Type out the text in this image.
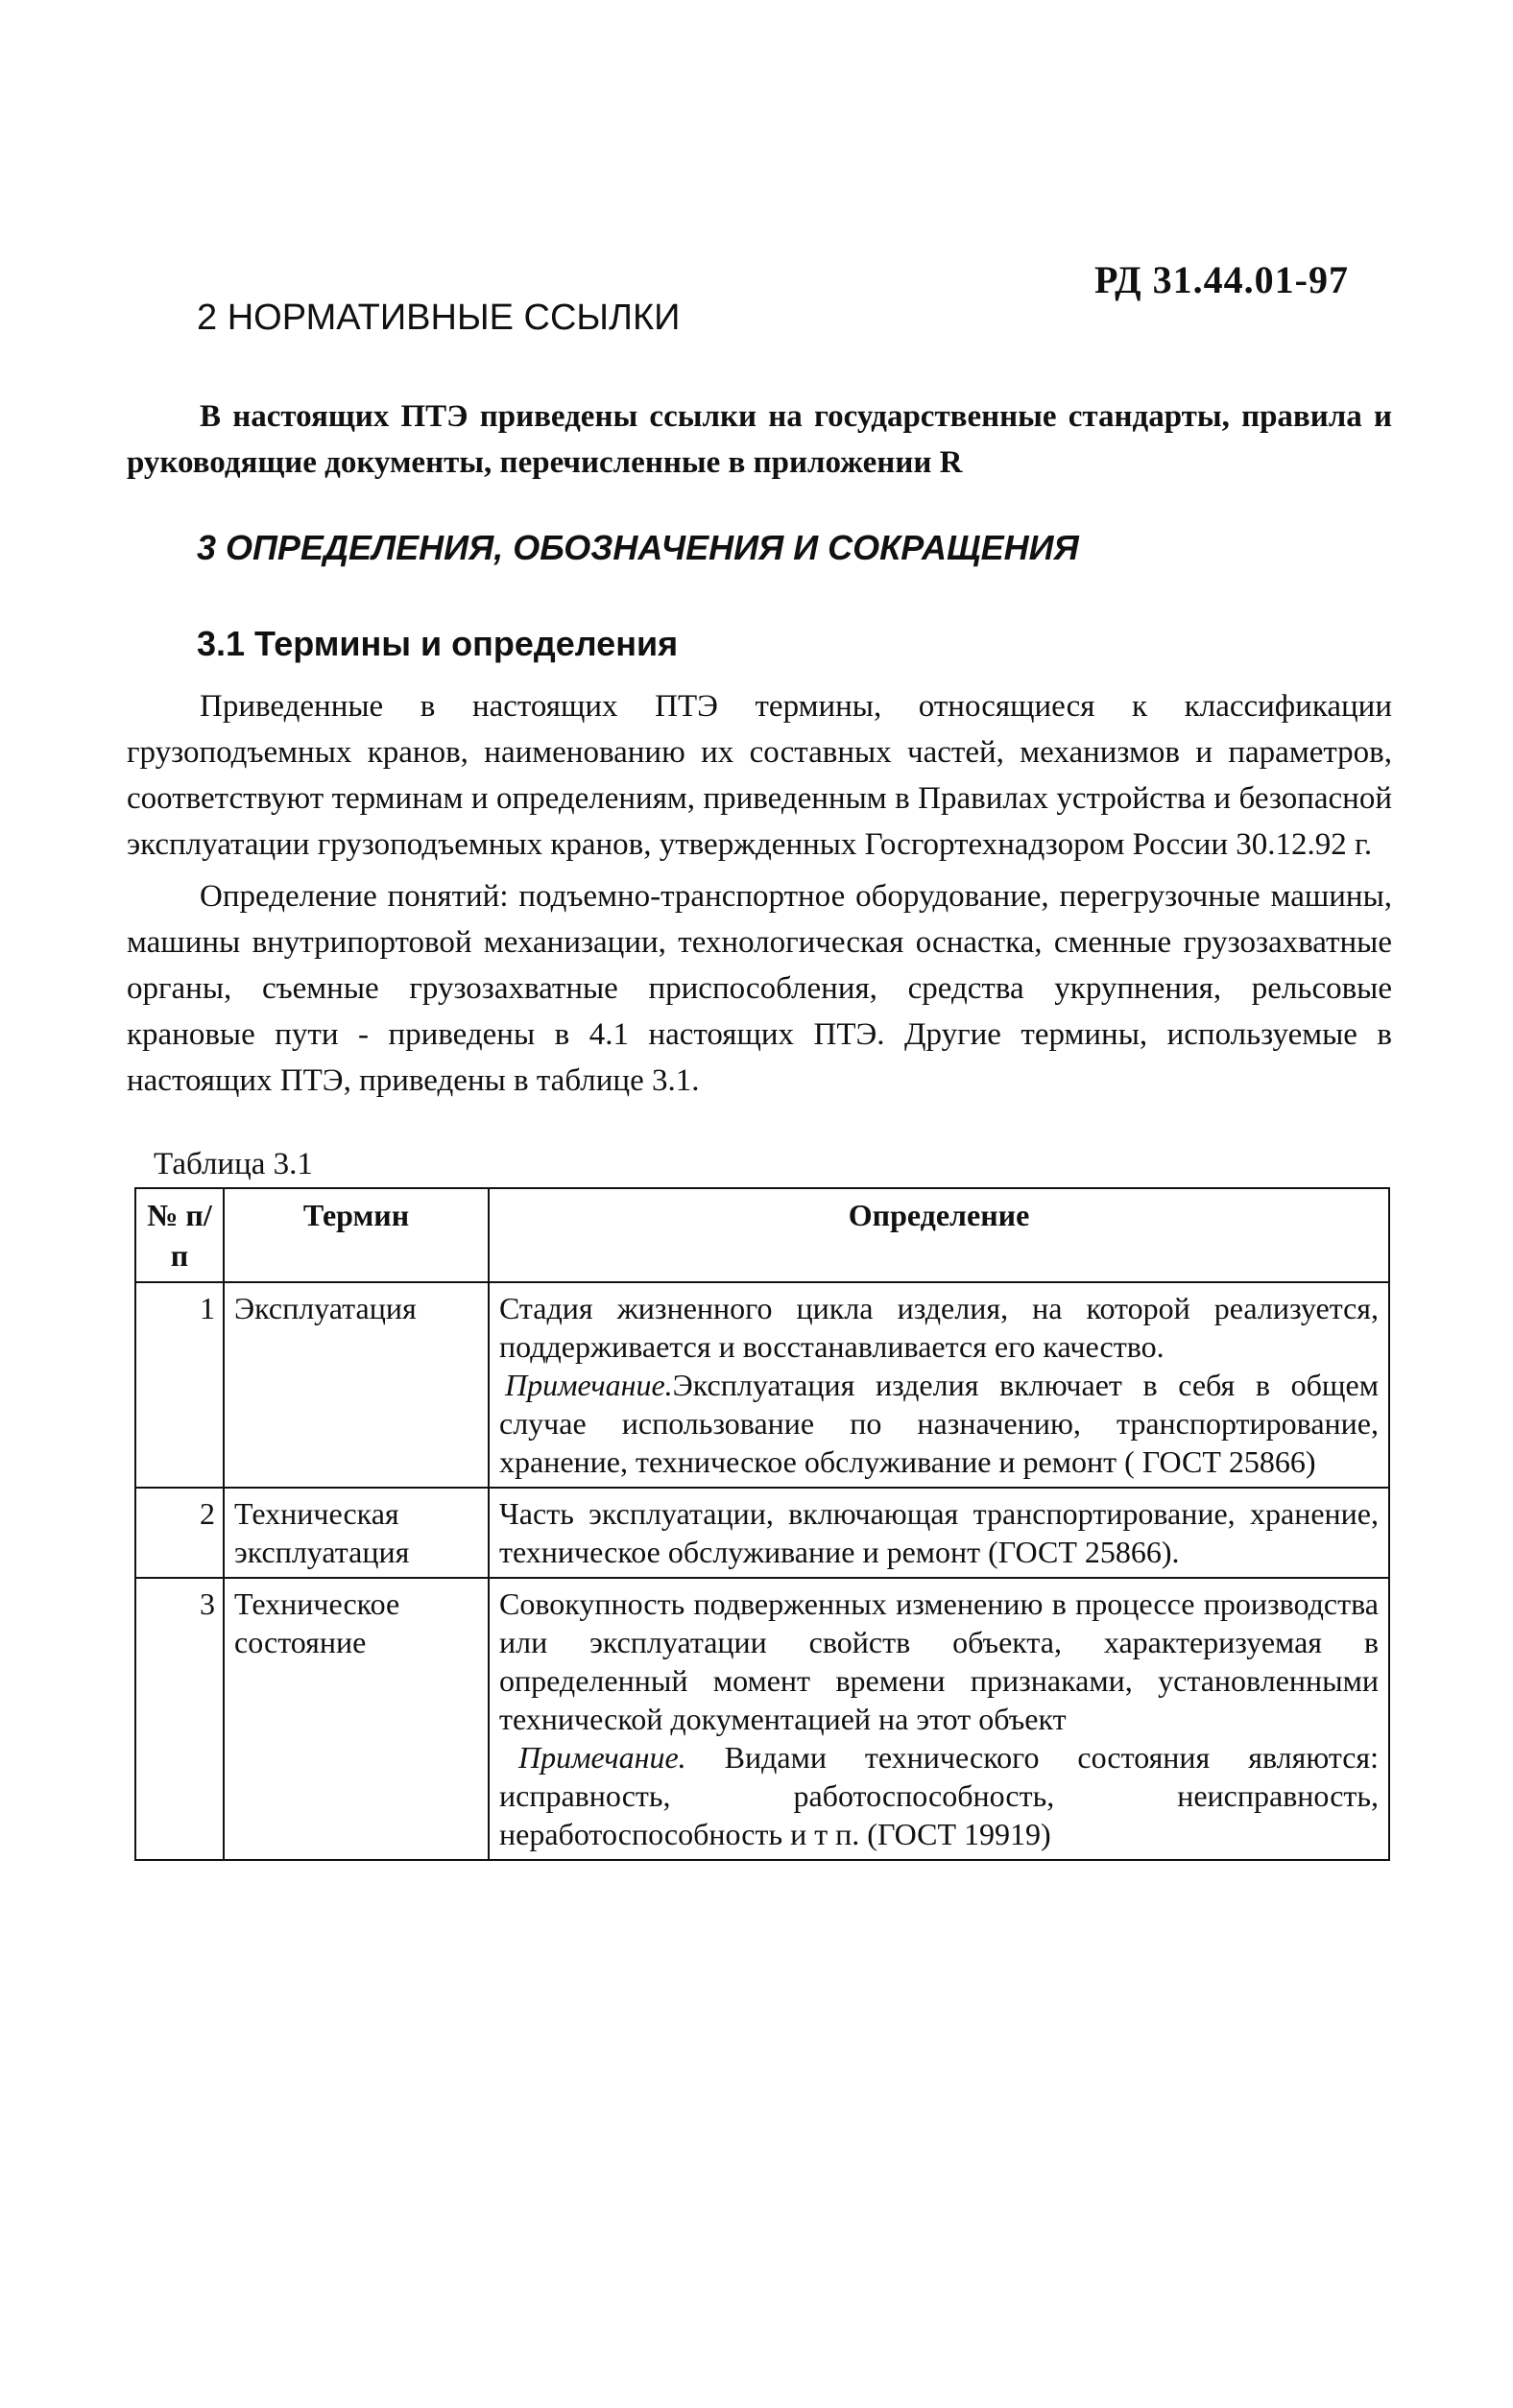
РД 31.44.01-97
2 НОРМАТИВНЫЕ ССЫЛКИ

В настоящих ПТЭ приведены ссылки на государственные стандарты, правила и руководящие документы, перечисленные в приложении R

3 ОПРЕДЕЛЕНИЯ, ОБОЗНАЧЕНИЯ И СОКРАЩЕНИЯ
3.1 Термины и определения

Приведенные в настоящих ПТЭ термины, относящиеся к классификации грузоподъемных кранов, наименованию их составных частей, механизмов и параметров, соответствуют терминам и определениям, приведенным в Правилах устройства и безопасной эксплуатации грузоподъемных кранов, утвержденных Госгортехнадзором России 30.12.92 г.

Определение понятий: подъемно-транспортное оборудование, перегрузочные машины, машины внутрипортовой механизации, технологическая оснастка, сменные грузозахватные органы, съемные грузозахватные приспособления, средства укрупнения, рельсовые крановые пути - приведены в 4.1 настоящих ПТЭ. Другие термины, используемые в настоящих ПТЭ, приведены в таблице 3.1.

Таблица 3.1
№ п/п	Термин	Определение
1	Эксплуатация	Стадия жизненного цикла изделия, на которой реализуется, поддерживается и восстанавливается его качество.

Примечание.Эксплуатация изделия включает в себя в общем случае использование по назначению, транспортирование, хранение, техническое обслуживание и ремонт ( ГОСТ 25866)

2	Техническая эксплуатация	Часть эксплуатации, включающая транспортирование, хранение, техническое обслуживание и ремонт (ГОСТ 25866).

3	Техническое состояние	Совокупность подверженных изменению в процессе производства или эксплуатации свойств объекта, характеризуемая в определенный момент времени признаками, установленными технической документацией на этот объект

Примечание. Видами технического состояния являются: исправность, работоспособность, неисправность, неработоспособность и т п. (ГОСТ 19919)
